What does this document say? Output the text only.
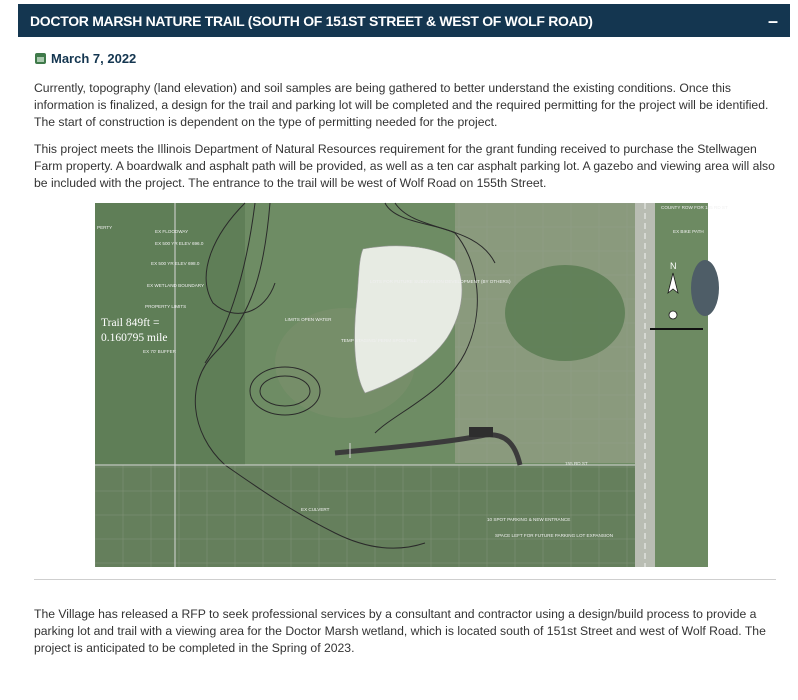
DOCTOR MARSH NATURE TRAIL (SOUTH OF 151ST STREET & WEST OF WOLF ROAD)	–
March 7, 2022

Currently, topography (land elevation) and soil samples are being gathered to better understand the existing conditions. Once this information is finalized, a design for the trail and parking lot will be completed and the required permitting for the project will be identified. The start of construction is dependent on the type of permitting needed for the project.

This project meets the Illinois Department of Natural Resources requirement for the grant funding received to purchase the Stellwagen Farm property. A boardwalk and asphalt path will be provided, as well as a ten car asphalt parking lot. A gazebo and viewing area will also be included with the project. The entrance to the trail will be west of Wolf Road on 155th Street.

N
Trail 849ft =
0.160795 mile
PERTY
EX FLOODWAY
EX 500 YR ELEV 696.0
EX 500 YR ELEV 698.0
EX WETLAND BOUNDARY
PROPERTY LIMITS
EX 70' BUFFER
LIMITS OPEN WATER
LOTS FOR FUTURE SUBDIVISION DEVELOPMENT (BY OTHERS)
TEMP STAGING/ PERM SPOIL PILE
EX CULVERT
COUNTY ROW FOR 155 RD ST
EX BIKE PATH
10 SPOT PARKING & NEW ENTRANCE
SPACE LEFT FOR FUTURE PARKING LOT EXPANSION
155 RD ST

The Village has released a RFP to seek professional services by a consultant and contractor using a design/build process to provide a parking lot and trail with a viewing area for the Doctor Marsh wetland, which is located south of 151st Street and west of Wolf Road. The project is anticipated to be completed in the Spring of 2023.
